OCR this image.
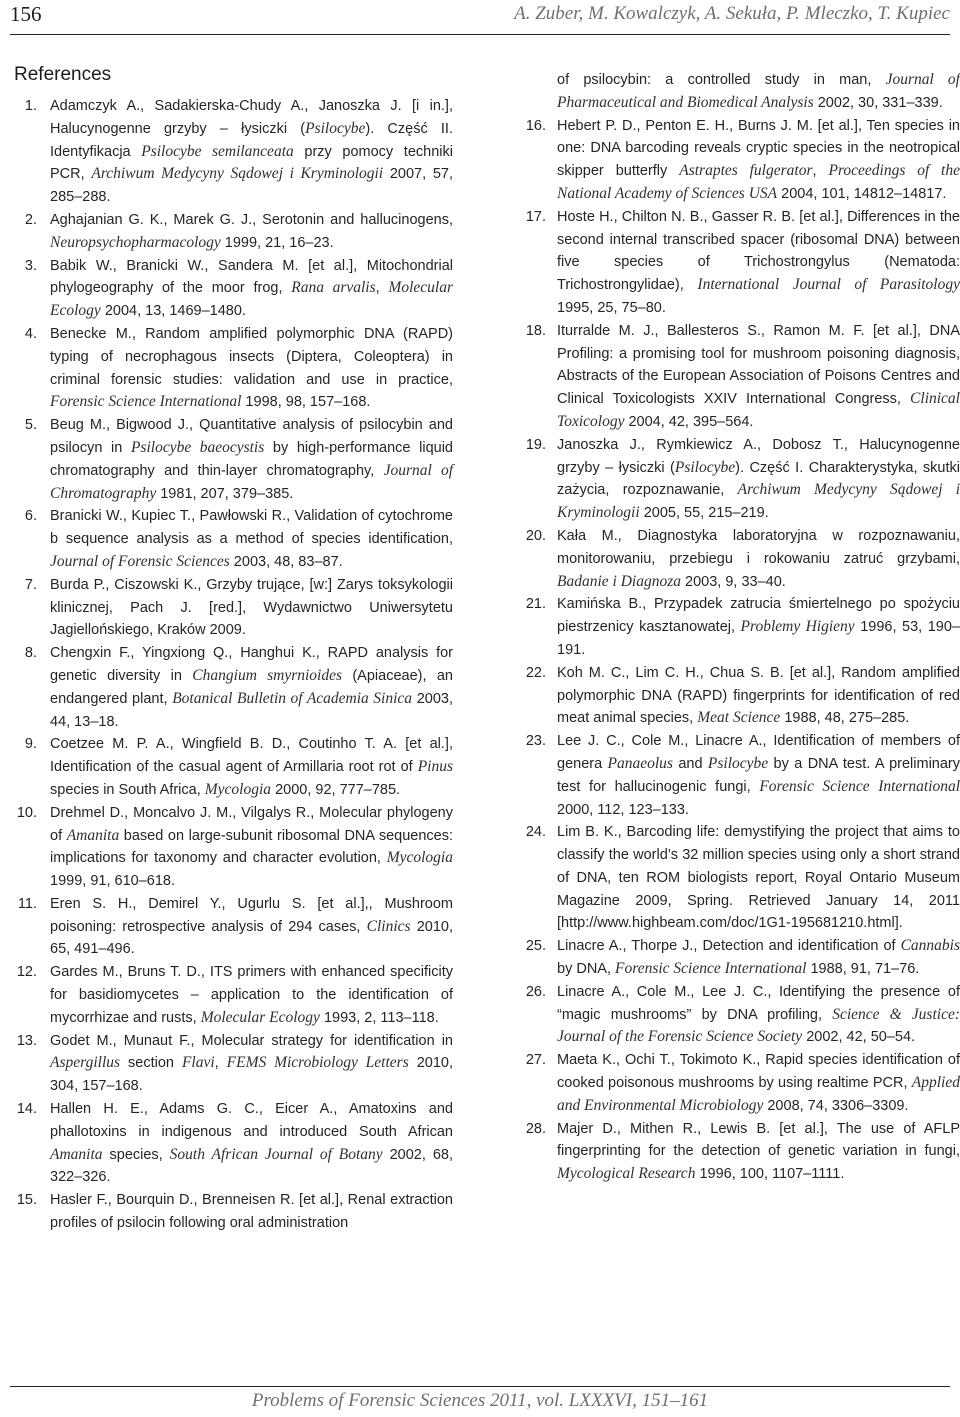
156	A. Zuber, M. Kowalczyk, A. Sekuła, P. Mleczko, T. Kupiec
References
1. Adamczyk A., Sadakierska-Chudy A., Janoszka J. [i in.], Halucynogenne grzyby – łysiczki (Psilocybe). Część II. Identyfikacja Psilocybe semilanceata przy pomocy techniki PCR, Archiwum Medycyny Sądowej i Kryminologii 2007, 57, 285–288.
2. Aghajanian G. K., Marek G. J., Serotonin and hallucinogens, Neuropsychopharmacology 1999, 21, 16–23.
3. Babik W., Branicki W., Sandera M. [et al.], Mitochondrial phylogeography of the moor frog, Rana arvalis, Molecular Ecology 2004, 13, 1469–1480.
4. Benecke M., Random amplified polymorphic DNA (RAPD) typing of necrophagous insects (Diptera, Coleoptera) in criminal forensic studies: validation and use in practice, Forensic Science International 1998, 98, 157–168.
5. Beug M., Bigwood J., Quantitative analysis of psilocybin and psilocyn in Psilocybe baeocystis by high-performance liquid chromatography and thin-layer chromatography, Journal of Chromatography 1981, 207, 379–385.
6. Branicki W., Kupiec T., Pawłowski R., Validation of cytochrome b sequence analysis as a method of species identification, Journal of Forensic Sciences 2003, 48, 83–87.
7. Burda P., Ciszowski K., Grzyby trujące, [w:] Zarys toksykologii klinicznej, Pach J. [red.], Wydawnictwo Uniwersytetu Jagiellońskiego, Kraków 2009.
8. Chengxin F., Yingxiong Q., Hanghui K., RAPD analysis for genetic diversity in Changium smyrnioides (Apiaceae), an endangered plant, Botanical Bulletin of Academia Sinica 2003, 44, 13–18.
9. Coetzee M. P. A., Wingfield B. D., Coutinho T. A. [et al.], Identification of the casual agent of Armillaria root rot of Pinus species in South Africa, Mycologia 2000, 92, 777–785.
10. Drehmel D., Moncalvo J. M., Vilgalys R., Molecular phylogeny of Amanita based on large-subunit ribosomal DNA sequences: implications for taxonomy and character evolution, Mycologia 1999, 91, 610–618.
11. Eren S. H., Demirel Y., Ugurlu S. [et al.],, Mushroom poisoning: retrospective analysis of 294 cases, Clinics 2010, 65, 491–496.
12. Gardes M., Bruns T. D., ITS primers with enhanced specificity for basidiomycetes – application to the identification of mycorrhizae and rusts, Molecular Ecology 1993, 2, 113–118.
13. Godet M., Munaut F., Molecular strategy for identification in Aspergillus section Flavi, FEMS Microbiology Letters 2010, 304, 157–168.
14. Hallen H. E., Adams G. C., Eicer A., Amatoxins and phallotoxins in indigenous and introduced South African Amanita species, South African Journal of Botany 2002, 68, 322–326.
15. Hasler F., Bourquin D., Brenneisen R. [et al.], Renal extraction profiles of psilocin following oral administration
of psilocybin: a controlled study in man, Journal of Pharmaceutical and Biomedical Analysis 2002, 30, 331–339.
16. Hebert P. D., Penton E. H., Burns J. M. [et al.], Ten species in one: DNA barcoding reveals cryptic species in the neotropical skipper butterfly Astraptes fulgerator, Proceedings of the National Academy of Sciences USA 2004, 101, 14812–14817.
17. Hoste H., Chilton N. B., Gasser R. B. [et al.], Differences in the second internal transcribed spacer (ribosomal DNA) between five species of Trichostrongylus (Nematoda: Trichostrongylidae), International Journal of Parasitology 1995, 25, 75–80.
18. Iturralde M. J., Ballesteros S., Ramon M. F. [et al.], DNA Profiling: a promising tool for mushroom poisoning diagnosis, Abstracts of the European Association of Poisons Centres and Clinical Toxicologists XXIV International Congress, Clinical Toxicology 2004, 42, 395–564.
19. Janoszka J., Rymkiewicz A., Dobosz T., Halucynogenne grzyby – łysiczki (Psilocybe). Część I. Charakterystyka, skutki zażycia, rozpoznawanie, Archiwum Medycyny Sądowej i Kryminologii 2005, 55, 215–219.
20. Kała M., Diagnostyka laboratoryjna w rozpoznawaniu, monitorowaniu, przebiegu i rokowaniu zatruć grzybami, Badanie i Diagnoza 2003, 9, 33–40.
21. Kamińska B., Przypadek zatrucia śmiertelnego po spożyciu piestrzenicy kasztanowatej, Problemy Higieny 1996, 53, 190–191.
22. Koh M. C., Lim C. H., Chua S. B. [et al.], Random amplified polymorphic DNA (RAPD) fingerprints for identification of red meat animal species, Meat Science 1988, 48, 275–285.
23. Lee J. C., Cole M., Linacre A., Identification of members of genera Panaeolus and Psilocybe by a DNA test. A preliminary test for hallucinogenic fungi, Forensic Science International 2000, 112, 123–133.
24. Lim B. K., Barcoding life: demystifying the project that aims to classify the world’s 32 million species using only a short strand of DNA, ten ROM biologists report, Royal Ontario Museum Magazine 2009, Spring. Retrieved January 14, 2011 [http://www.highbeam.com/doc/1G1-195681210.html].
25. Linacre A., Thorpe J., Detection and identification of Cannabis by DNA, Forensic Science International 1988, 91, 71–76.
26. Linacre A., Cole M., Lee J. C., Identifying the presence of “magic mushrooms” by DNA profiling, Science & Justice: Journal of the Forensic Science Society 2002, 42, 50–54.
27. Maeta K., Ochi T., Tokimoto K., Rapid species identification of cooked poisonous mushrooms by using realtime PCR, Applied and Environmental Microbiology 2008, 74, 3306–3309.
28. Majer D., Mithen R., Lewis B. [et al.], The use of AFLP fingerprinting for the detection of genetic variation in fungi, Mycological Research 1996, 100, 1107–1111.
Problems of Forensic Sciences 2011, vol. LXXXVI, 151–161
